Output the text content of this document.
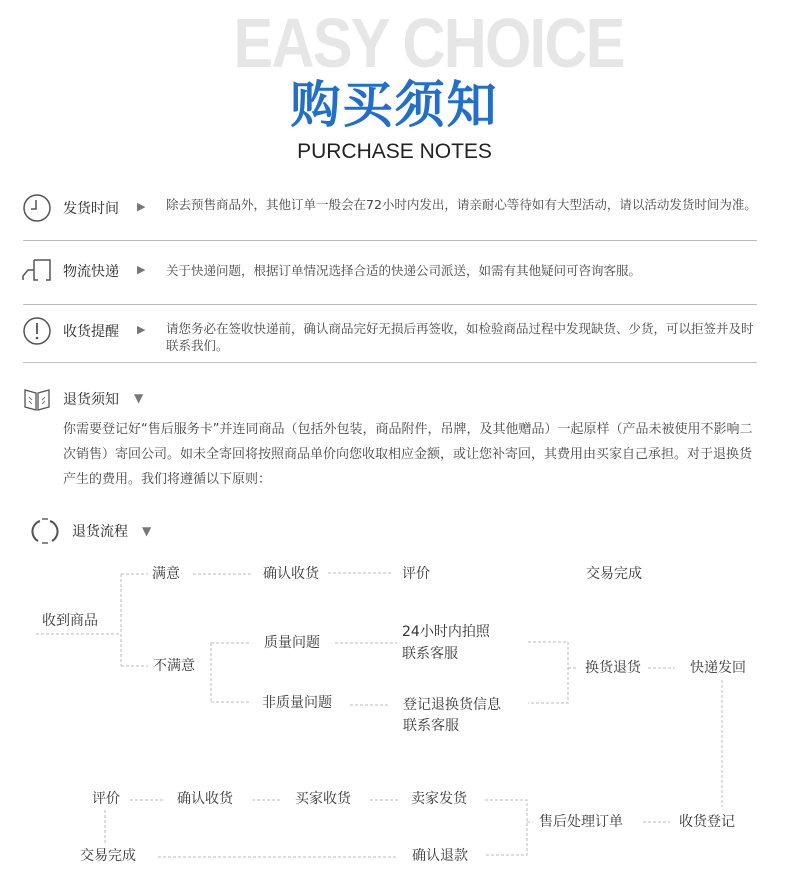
EASY CHOICE
购买须知
PURCHASE NOTES
发货时间 ▶ 除去预售商品外，其他订单一般会在72小时内发出，请亲耐心等待如有大型活动，请以活动发货时间为准。
物流快递 ▶ 关于快递问题，根据订单情况选择合适的快递公司派送，如需有其他疑问可咨询客服。
收货提醒 ▶ 请您务必在签收快递前，确认商品完好无损后再签收，如检验商品过程中发现缺货、少货，可以拒签并及时联系我们。
退货须知 ▼
你需要登记好“售后服务卡”并连同商品（包括外包装，商品附件，吊牌，及其他赠品）一起原样（产品未被使用不影响二次销售）寄回公司。如未全寄回将按照商品单价向您收取相应金额，或让您补寄回，其费用由买家自己承担。对于退换货产生的费用。我们将遵循以下原则：
退货流程 ▼
满意	确认收货	评价	交易完成
收到商品
不满意
质量问题
24小时内拍照
联系客服
非质量问题	登记退换货信息
联系客服
换货退货	快递发回
评价	确认收货	买家收货	卖家发货
售后处理订单	收货登记
交易完成	确认退款
